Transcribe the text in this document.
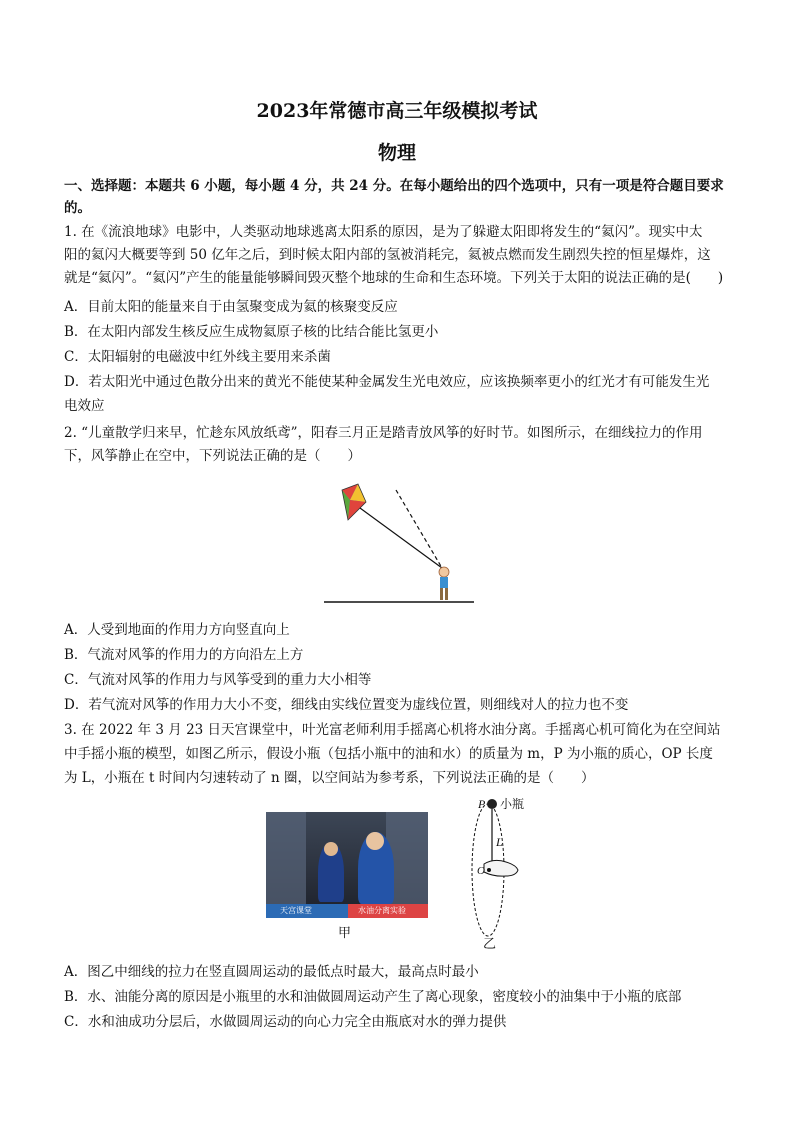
2023年常德市高三年级模拟考试
物理
一、选择题：本题共 6 小题，每小题 4 分，共 24 分。在每小题给出的四个选项中，只有一项是符合题目要求
的。
1. 在《流浪地球》电影中，人类驱动地球逃离太阳系的原因，是为了躲避太阳即将发生的“氦闪”。现实中太
阳的氦闪大概要等到 50 亿年之后，到时候太阳内部的氢被消耗完，氦被点燃而发生剧烈失控的恒星爆炸，这
就是“氦闪”。“氦闪”产生的能量能够瞬间毁灭整个地球的生命和生态环境。下列关于太阳的说法正确的是(　　)
A．目前太阳的能量来自于由氢聚变成为氦的核聚变反应
B．在太阳内部发生核反应生成物氦原子核的比结合能比氢更小
C．太阳辐射的电磁波中红外线主要用来杀菌
D．若太阳光中通过色散分出来的黄光不能使某种金属发生光电效应，应该换频率更小的红光才有可能发生光
电效应
2. “儿童散学归来早，忙趁东风放纸鸢”，阳春三月正是踏青放风筝的好时节。如图所示，在细线拉力的作用
下，风筝静止在空中，下列说法正确的是（　　）
A．人受到地面的作用力方向竖直向上
B．气流对风筝的作用力的方向沿左上方
C．气流对风筝的作用力与风筝受到的重力大小相等
D．若气流对风筝的作用力大小不变，细线由实线位置变为虚线位置，则细线对人的拉力也不变
3. 在 2022 年 3 月 23 日天宫课堂中，叶光富老师利用手摇离心机将水油分离。手摇离心机可简化为在空间站
中手摇小瓶的模型，如图乙所示，假设小瓶（包括小瓶中的油和水）的质量为 m，P 为小瓶的质心，OP 长度
为 L，小瓶在 t 时间内匀速转动了 n 圈，以空间站为参考系，下列说法正确的是（　　）
天宫课堂	水油分离实验
甲
P 小瓶
L
O
乙
A．图乙中细线的拉力在竖直圆周运动的最低点时最大，最高点时最小
B．水、油能分离的原因是小瓶里的水和油做圆周运动产生了离心现象，密度较小的油集中于小瓶的底部
C．水和油成功分层后，水做圆周运动的向心力完全由瓶底对水的弹力提供
